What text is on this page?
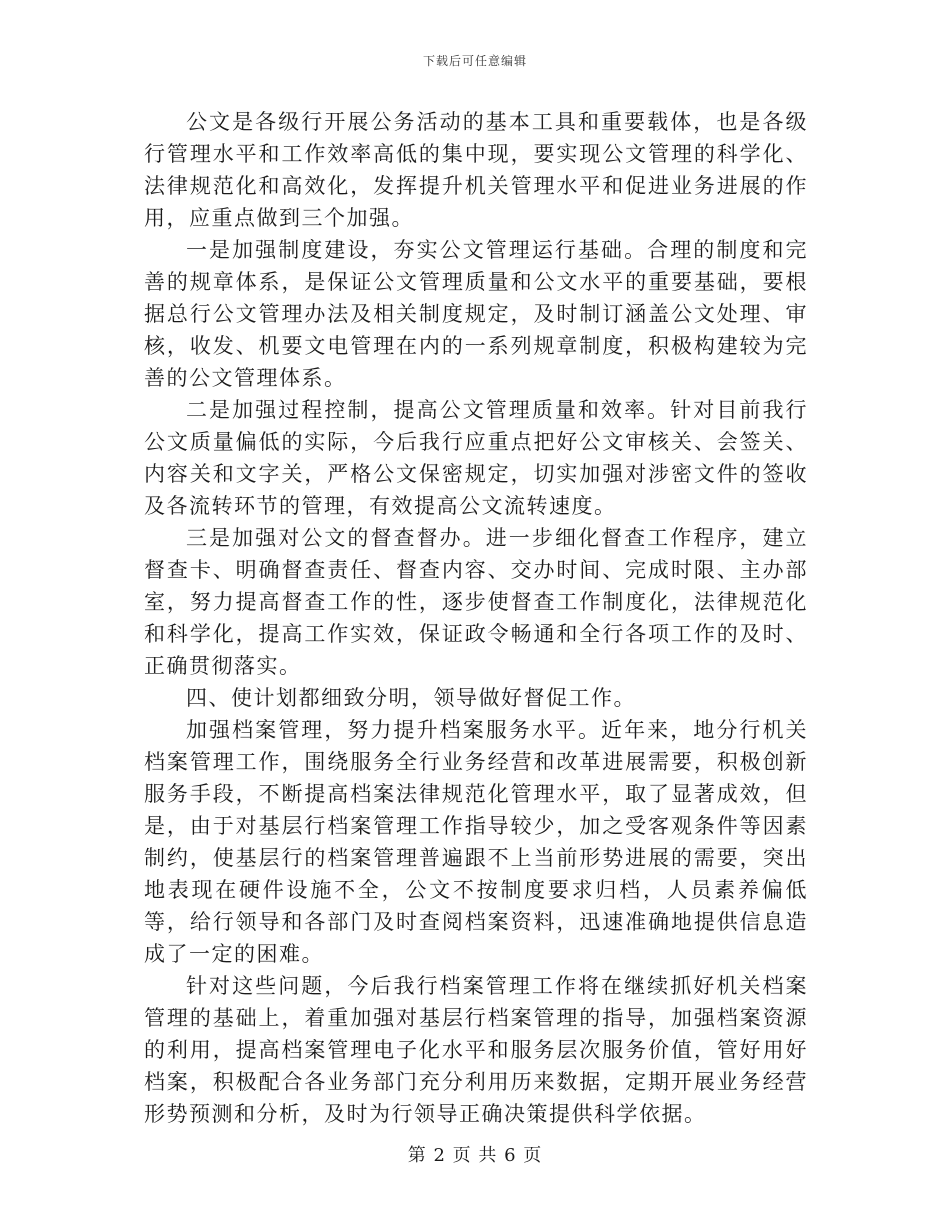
下载后可任意编辑

公文是各级行开展公务活动的基本工具和重要载体，也是各级行管理水平和工作效率高低的集中现，要实现公文管理的科学化、法律规范化和高效化，发挥提升机关管理水平和促进业务进展的作用，应重点做到三个加强。

一是加强制度建设，夯实公文管理运行基础。合理的制度和完善的规章体系，是保证公文管理质量和公文水平的重要基础，要根据总行公文管理办法及相关制度规定，及时制订涵盖公文处理、审核，收发、机要文电管理在内的一系列规章制度，积极构建较为完善的公文管理体系。

二是加强过程控制，提高公文管理质量和效率。针对目前我行公文质量偏低的实际，今后我行应重点把好公文审核关、会签关、内容关和文字关，严格公文保密规定，切实加强对涉密文件的签收及各流转环节的管理，有效提高公文流转速度。

三是加强对公文的督查督办。进一步细化督查工作程序，建立督查卡、明确督查责任、督查内容、交办时间、完成时限、主办部室，努力提高督查工作的性，逐步使督查工作制度化，法律规范化和科学化，提高工作实效，保证政令畅通和全行各项工作的及时、正确贯彻落实。

四、使计划都细致分明，领导做好督促工作。

加强档案管理，努力提升档案服务水平。近年来，地分行机关档案管理工作，围绕服务全行业务经营和改革进展需要，积极创新服务手段，不断提高档案法律规范化管理水平，取了显著成效，但是，由于对基层行档案管理工作指导较少，加之受客观条件等因素制约，使基层行的档案管理普遍跟不上当前形势进展的需要，突出地表现在硬件设施不全，公文不按制度要求归档，人员素养偏低等，给行领导和各部门及时查阅档案资料，迅速准确地提供信息造成了一定的困难。

针对这些问题，今后我行档案管理工作将在继续抓好机关档案管理的基础上，着重加强对基层行档案管理的指导，加强档案资源的利用，提高档案管理电子化水平和服务层次服务价值，管好用好档案，积极配合各业务部门充分利用历来数据，定期开展业务经营形势预测和分析，及时为行领导正确决策提供科学依据。

第 2 页 共 6 页
